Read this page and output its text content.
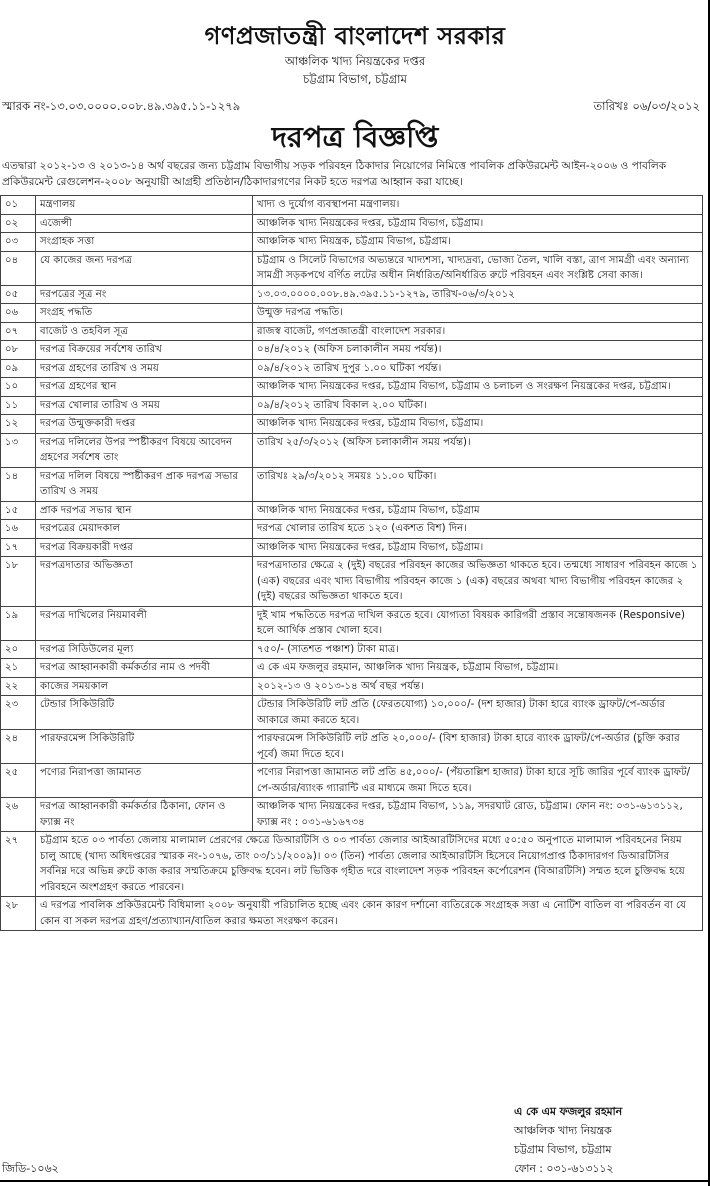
গণপ্রজাতন্ত্রী বাংলাদেশ সরকার
আঞ্চলিক খাদ্য নিয়ন্ত্রকের দপ্তর
চট্টগ্রাম বিভাগ, চট্টগ্রাম
স্মারক নং-১৩.০৩.০০০০.০০৮.৪৯.৩৯৫.১১-১২৭৯	তারিখঃ ০৬/০৩/২০১২
দরপত্র বিজ্ঞপ্তি
এতদ্বারা ২০১২-১৩ ও ২০১৩-১৪ অর্থ বছরের জন্য চট্টগ্রাম বিভাগীয় সড়ক পরিবহন ঠিকাদার নিয়োগের নিমিত্তে পাবলিক প্রকিউরমেন্ট আইন-২০০৬ ও পাবলিক প্রকিউরমেন্ট রেগুলেশন-২০০৮ অনুযায়ী আগ্রহী প্রতিষ্ঠান/ঠিকাদারগণের নিকট হতে দরপত্র আহ্বান করা যাচ্ছে।
০১	মন্ত্রণালয়	খাদ্য ও দুর্যোগ ব্যবস্থাপনা মন্ত্রণালয়।
০২	এজেন্সী	আঞ্চলিক খাদ্য নিয়ন্ত্রকের দপ্তর, চট্টগ্রাম বিভাগ, চট্টগ্রাম।
০৩	সংগ্রাহক সত্তা	আঞ্চলিক খাদ্য নিয়ন্ত্রক, চট্টগ্রাম বিভাগ, চট্টগ্রাম।
০৪	যে কাজের জন্য দরপত্র	চট্টগ্রাম ও সিলেট বিভাগের অভ্যন্তরে খাদ্যশস্য, খাদ্যদ্রব্য, ভোজ্য তৈল, খালি বস্তা, ত্রাণ সামগ্রী এবং অন্যান্য সামগ্রী সড়কপথে বর্ণিত লটের অধীন নির্ধারিত/অনির্ধারিত রুটে পরিবহন এবং সংশ্লিষ্ট সেবা কাজ।
০৫	দরপত্রের সূত্র নং	১৩.০৩.০০০০.০০৮.৪৯.৩৯৫.১১-১২৭৯, তারিখ-০৬/৩/২০১২
০৬	সংগ্রহ পদ্ধতি	উন্মুক্ত দরপত্র পদ্ধতি।
০৭	বাজেট ও তহবিল সূত্র	রাজস্ব বাজেট, গণপ্রজাতন্ত্রী বাংলাদেশ সরকার।
০৮	দরপত্র বিক্রয়ের সর্বশেষ তারিখ	০৪/৪/২০১২ (অফিস চলাকালীন সময় পর্যন্ত)।
০৯	দরপত্র গ্রহণের তারিখ ও সময়	০৯/৪/২০১২ তারিখ দুপুর ১.০০ ঘটিকা পর্যন্ত।
১০	দরপত্র গ্রহণের স্থান	আঞ্চলিক খাদ্য নিয়ন্ত্রকের দপ্তর, চট্টগ্রাম বিভাগ, চট্টগ্রাম ও চলাচল ও সংরক্ষণ নিয়ন্ত্রকের দপ্তর, চট্টগ্রাম।
১১	দরপত্র খোলার তারিখ ও সময়	০৯/৪/২০১২ তারিখ বিকাল ২.০০ ঘটিকা।
১২	দরপত্র উন্মুক্তকারী দপ্তর	আঞ্চলিক খাদ্য নিয়ন্ত্রকের দপ্তর, চট্টগ্রাম বিভাগ, চট্টগ্রাম।
১৩	দরপত্র দলিলের উপর স্পষ্টীকরণ বিষয়ে আবেদন গ্রহণের সর্বশেষ তাং	তারিখ ২৫/৩/২০১২ (অফিস চলাকালীন সময় পর্যন্ত)।
১৪	দরপত্র দলিল বিষয়ে স্পষ্টীকরণ প্রাক দরপত্র সভার তারিখ ও সময়	তারিখঃ ২৯/৩/২০১২ সময়ঃ ১১.০০ ঘটিকা।
১৫	প্রাক দরপত্র সভার স্থান	আঞ্চলিক খাদ্য নিয়ন্ত্রকের দপ্তর, চট্টগ্রাম বিভাগ, চট্টগ্রাম
১৬	দরপত্রের মেয়াদকাল	দরপত্র খোলার তারিখ হতে ১২০ (একশত বিশ) দিন।
১৭	দরপত্র বিক্রয়কারী দপ্তর	আঞ্চলিক খাদ্য নিয়ন্ত্রকের দপ্তর, চট্টগ্রাম বিভাগ, চট্টগ্রাম।
১৮	দরপত্রদাতার অভিজ্ঞতা	দরপত্রদাতার ক্ষেত্রে ২ (দুই) বছরের পরিবহন কাজের অভিজ্ঞতা থাকতে হবে। তন্মধ্যে সাধারণ পরিবহন কাজে ১ (এক) বছরের এবং খাদ্য বিভাগীয় পরিবহন কাজে ১ (এক) বছরের অথবা খাদ্য বিভাগীয় পরিবহন কাজের ২ (দুই) বছরের অভিজ্ঞতা থাকতে হবে।
১৯	দরপত্র দাখিলের নিয়মাবলী	দুই খাম পদ্ধতিতে দরপত্র দাখিল করতে হবে। যোগ্যতা বিষয়ক কারিগরী প্রস্তাব সন্তোষজনক (Responsive) হলে আর্থিক প্রস্তাব খোলা হবে।
২০	দরপত্র সিডিউলের মূল্য	৭৫০/- (সাতশত পঞ্চাশ) টাকা মাত্র।
২১	দরপত্র আহ্বানকারী কর্মকর্তার নাম ও পদবী	এ কে এম ফজলুর রহমান, আঞ্চলিক খাদ্য নিয়ন্ত্রক, চট্টগ্রাম বিভাগ, চট্টগ্রাম।
২২	কাজের সময়কাল	২০১২-১৩ ও ২০১৩-১৪ অর্থ বছর পর্যন্ত।
২৩	টেন্ডার সিকিউরিটি	টেন্ডার সিকিউরিটি লট প্রতি (ফেরতযোগ্য) ১০,০০০/- (দশ হাজার) টাকা হারে ব্যাংক ড্রাফট/পে-অর্ডার আকারে জমা করতে হবে।
২৪	পারফরমেন্স সিকিউরিটি	পারফরমেন্স সিকিউরিটি লট প্রতি ২০,০০০/- (বিশ হাজার) টাকা হারে ব্যাংক ড্রাফট/পে-অর্ডার (চুক্তি করার পূর্বে) জমা দিতে হবে।
২৫	পণ্যের নিরাপত্তা জামানত	পণ্যের নিরাপত্তা জামানত লট প্রতি ৪৫,০০০/- (পঁয়তাল্লিশ হাজার) টাকা হারে সূচি জারির পূর্বে ব্যাংক ড্রাফট/ পে-অর্ডার/ব্যাংক গ্যারান্টি এর মাধ্যমে জমা দিতে হবে।
২৬	দরপত্র আহ্বানকারী কর্মকর্তার ঠিকানা, ফোন ও ফ্যাক্স নং	আঞ্চলিক খাদ্য নিয়ন্ত্রকের দপ্তর, চট্টগ্রাম বিভাগ, ১১৯, সদরঘাট রোড, চট্টগ্রাম। ফোন নং: ০৩১-৬১৩১১২, ফ্যাক্স নং : ০৩১-৬১৬৭৩৪
২৭	চট্টগ্রাম হতে ০৩ পার্বত্য জেলায় মালামাল প্রেরণের ক্ষেত্রে ডিআরটিসি ও ০৩ পার্বত্য জেলার আইআরটিসিদের মধ্যে ৫০:৫০ অনুপাতে মালামাল পরিবহনের নিয়ম চালু আছে (খাদ্য অধিদপ্তরের স্মারক নং-১০৭৬, তাং ০৩/১১/২০০৯)। ০৩ (তিন) পার্বত্য জেলার আইআরটিসি হিসেবে নিয়োগপ্রাপ্ত ঠিকাদারগণ ডিআরটিসির সর্বনিম্ন দরে অভিন্ন রুটে কাজ করার সম্মতিক্রমে চুক্তিবদ্ধ হবেন। লট ভিত্তিক গৃহীত দরে বাংলাদেশ সড়ক পরিবহন কর্পোরেশন (বিআরটিসি) সম্মত হলে চুক্তিবদ্ধ হয়ে পরিবহনে অংশগ্রহণ করতে পারবেন।	
২৮	এ দরপত্র পাবলিক প্রকিউরমেন্ট বিধিমালা ২০০৮ অনুযায়ী পরিচালিত হচ্ছে এবং কোন কারণ দর্শানো ব্যতিরেকে সংগ্রাহক সত্তা এ নোটিশ বাতিল বা পরিবর্তন বা যে কোন বা সকল দরপত্র গ্রহণ/প্রত্যাখ্যান/বাতিল করার ক্ষমতা সংরক্ষণ করেন।	
এ কে এম ফজলুর রহমান
আঞ্চলিক খাদ্য নিয়ন্ত্রক
চট্টগ্রাম বিভাগ, চট্টগ্রাম
ফোন : ০৩১-৬১৩১১২
জিডি-১০৬২
